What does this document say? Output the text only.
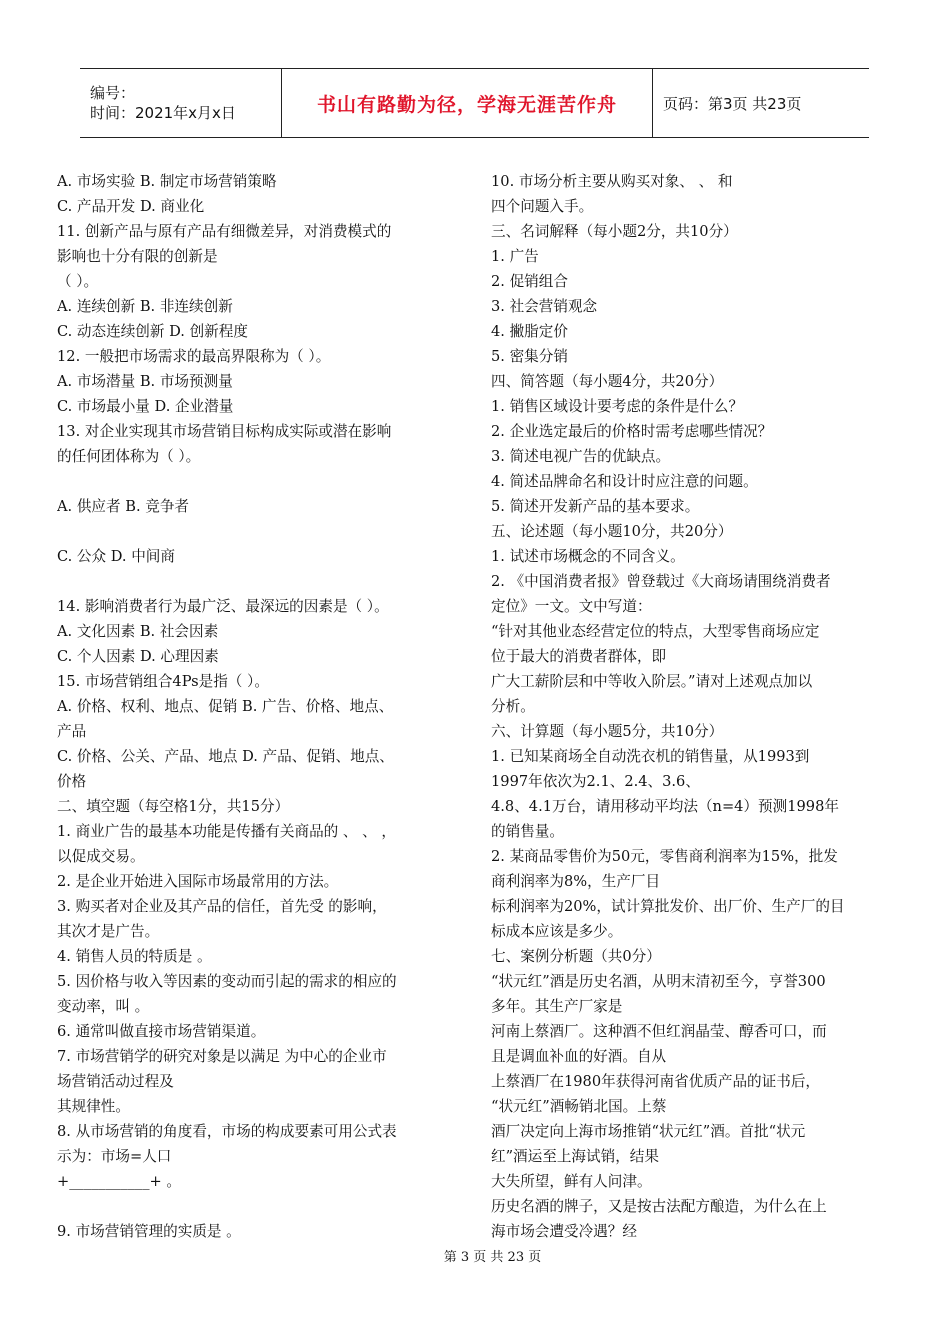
编号：
时间：2021年x月x日	书山有路勤为径，学海无涯苦作舟	页码：第3页 共23页
A. 市场实验 B. 制定市场营销策略
C. 产品开发 D. 商业化
11. 创新产品与原有产品有细微差异，对消费模式的
影响也十分有限的创新是
（ ）。
A. 连续创新 B. 非连续创新
C. 动态连续创新 D. 创新程度
12. 一般把市场需求的最高界限称为（ ）。
A. 市场潜量 B. 市场预测量
C. 市场最小量 D. 企业潜量
13. 对企业实现其市场营销目标构成实际或潜在影响
的任何团体称为（ ）。
A. 供应者 B. 竞争者
C. 公众 D. 中间商
14. 影响消费者行为最广泛、最深远的因素是（ ）。
A. 文化因素 B. 社会因素
C. 个人因素 D. 心理因素
15. 市场营销组合4Ps是指（ ）。
A. 价格、权利、地点、促销 B. 广告、价格、地点、
产品
C. 价格、公关、产品、地点 D. 产品、促销、地点、
价格
二、填空题（每空格1分，共15分）
1. 商业广告的最基本功能是传播有关商品的 、 、 ，
以促成交易。
2. 是企业开始进入国际市场最常用的方法。
3. 购买者对企业及其产品的信任，首先受 的影响，
其次才是广告。
4. 销售人员的特质是 。
5. 因价格与收入等因素的变动而引起的需求的相应的
变动率，叫 。
6. 通常叫做直接市场营销渠道。
7. 市场营销学的研究对象是以满足 为中心的企业市
场营销活动过程及
其规律性。
8. 从市场营销的角度看，市场的构成要素可用公式表
示为：市场=人口
+___________+ 。
9. 市场营销管理的实质是 。
10. 市场分析主要从购买对象、 、 和
四个问题入手。
三、名词解释（每小题2分，共10分）
1. 广告
2. 促销组合
3. 社会营销观念
4. 撇脂定价
5. 密集分销
四、简答题（每小题4分，共20分）
1. 销售区域设计要考虑的条件是什么？
2. 企业选定最后的价格时需考虑哪些情况？
3. 简述电视广告的优缺点。
4. 简述品牌命名和设计时应注意的问题。
5. 简述开发新产品的基本要求。
五、论述题（每小题10分，共20分）
1. 试述市场概念的不同含义。
2. 《中国消费者报》曾登载过《大商场请围绕消费者
定位》一文。文中写道：
“针对其他业态经营定位的特点，大型零售商场应定
位于最大的消费者群体，即
广大工薪阶层和中等收入阶层。”请对上述观点加以
分析。
六、计算题（每小题5分，共10分）
1. 已知某商场全自动洗衣机的销售量，从1993到
1997年依次为2.1、2.4、3.6、
4.8、4.1万台，请用移动平均法（n=4）预测1998年
的销售量。
2. 某商品零售价为50元，零售商利润率为15%，批发
商利润率为8%，生产厂目
标利润率为20%，试计算批发价、出厂价、生产厂的目
标成本应该是多少。
七、案例分析题（共0分）
“状元红”酒是历史名酒，从明末清初至今，亨誉300
多年。其生产厂家是
河南上蔡酒厂。这种酒不但红润晶莹、醇香可口，而
且是调血补血的好酒。自从
上蔡酒厂在1980年获得河南省优质产品的证书后，
“状元红”酒畅销北国。上蔡
酒厂决定向上海市场推销“状元红”酒。首批“状元
红”酒运至上海试销，结果
大失所望，鲜有人问津。
历史名酒的牌子，又是按古法配方酿造，为什么在上
海市场会遭受冷遇？经
第 3 页 共 23 页
